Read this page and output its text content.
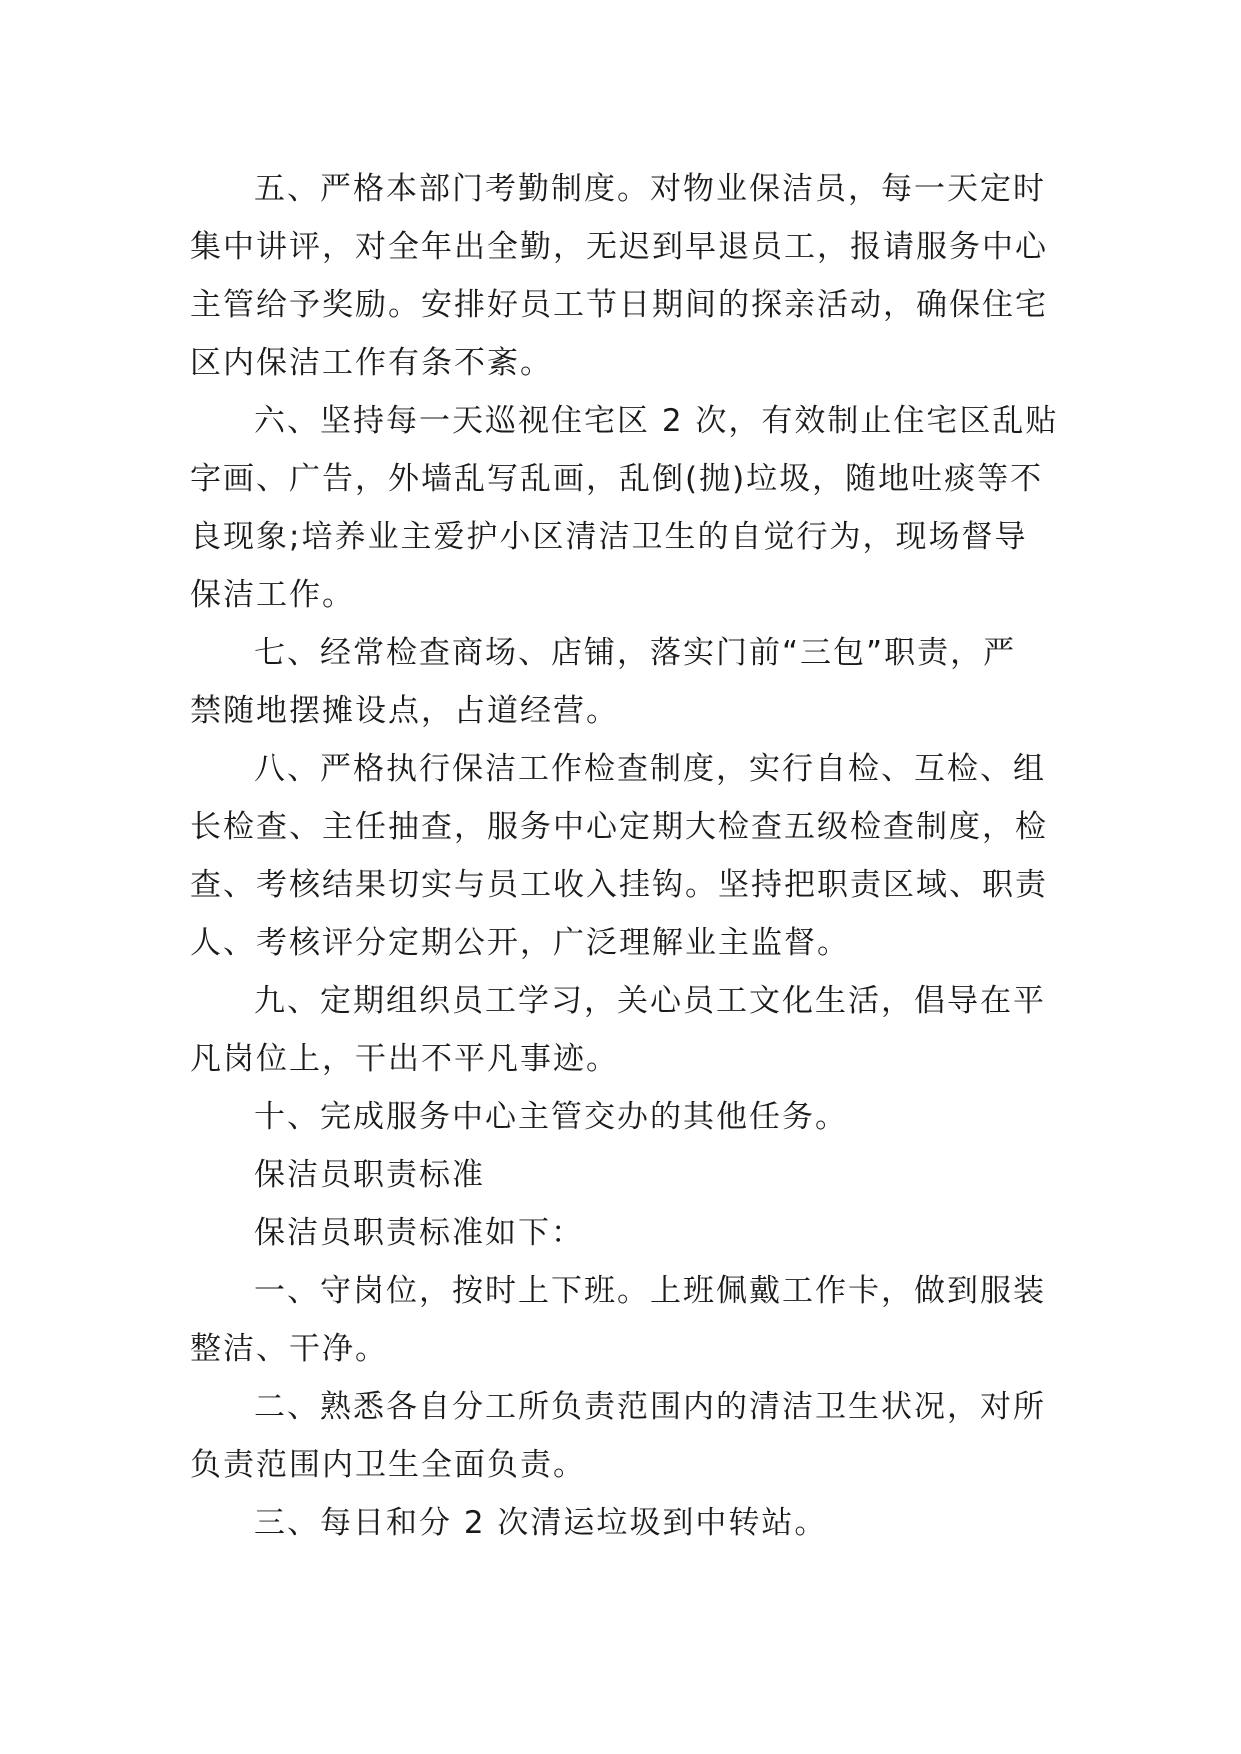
五、严格本部门考勤制度。对物业保洁员，每一天定时
集中讲评，对全年出全勤，无迟到早退员工，报请服务中心
主管给予奖励。安排好员工节日期间的探亲活动，确保住宅
区内保洁工作有条不紊。
六、坚持每一天巡视住宅区 2 次，有效制止住宅区乱贴
字画、广告，外墙乱写乱画，乱倒(抛)垃圾，随地吐痰等不
良现象;培养业主爱护小区清洁卫生的自觉行为，现场督导
保洁工作。
七、经常检查商场、店铺，落实门前“三包”职责，严
禁随地摆摊设点，占道经营。
八、严格执行保洁工作检查制度，实行自检、互检、组
长检查、主任抽查，服务中心定期大检查五级检查制度，检
查、考核结果切实与员工收入挂钩。坚持把职责区域、职责
人、考核评分定期公开，广泛理解业主监督。
九、定期组织员工学习，关心员工文化生活，倡导在平
凡岗位上，干出不平凡事迹。
十、完成服务中心主管交办的其他任务。
保洁员职责标准
保洁员职责标准如下：
一、守岗位，按时上下班。上班佩戴工作卡，做到服装
整洁、干净。
二、熟悉各自分工所负责范围内的清洁卫生状况，对所
负责范围内卫生全面负责。
三、每日和分 2 次清运垃圾到中转站。
